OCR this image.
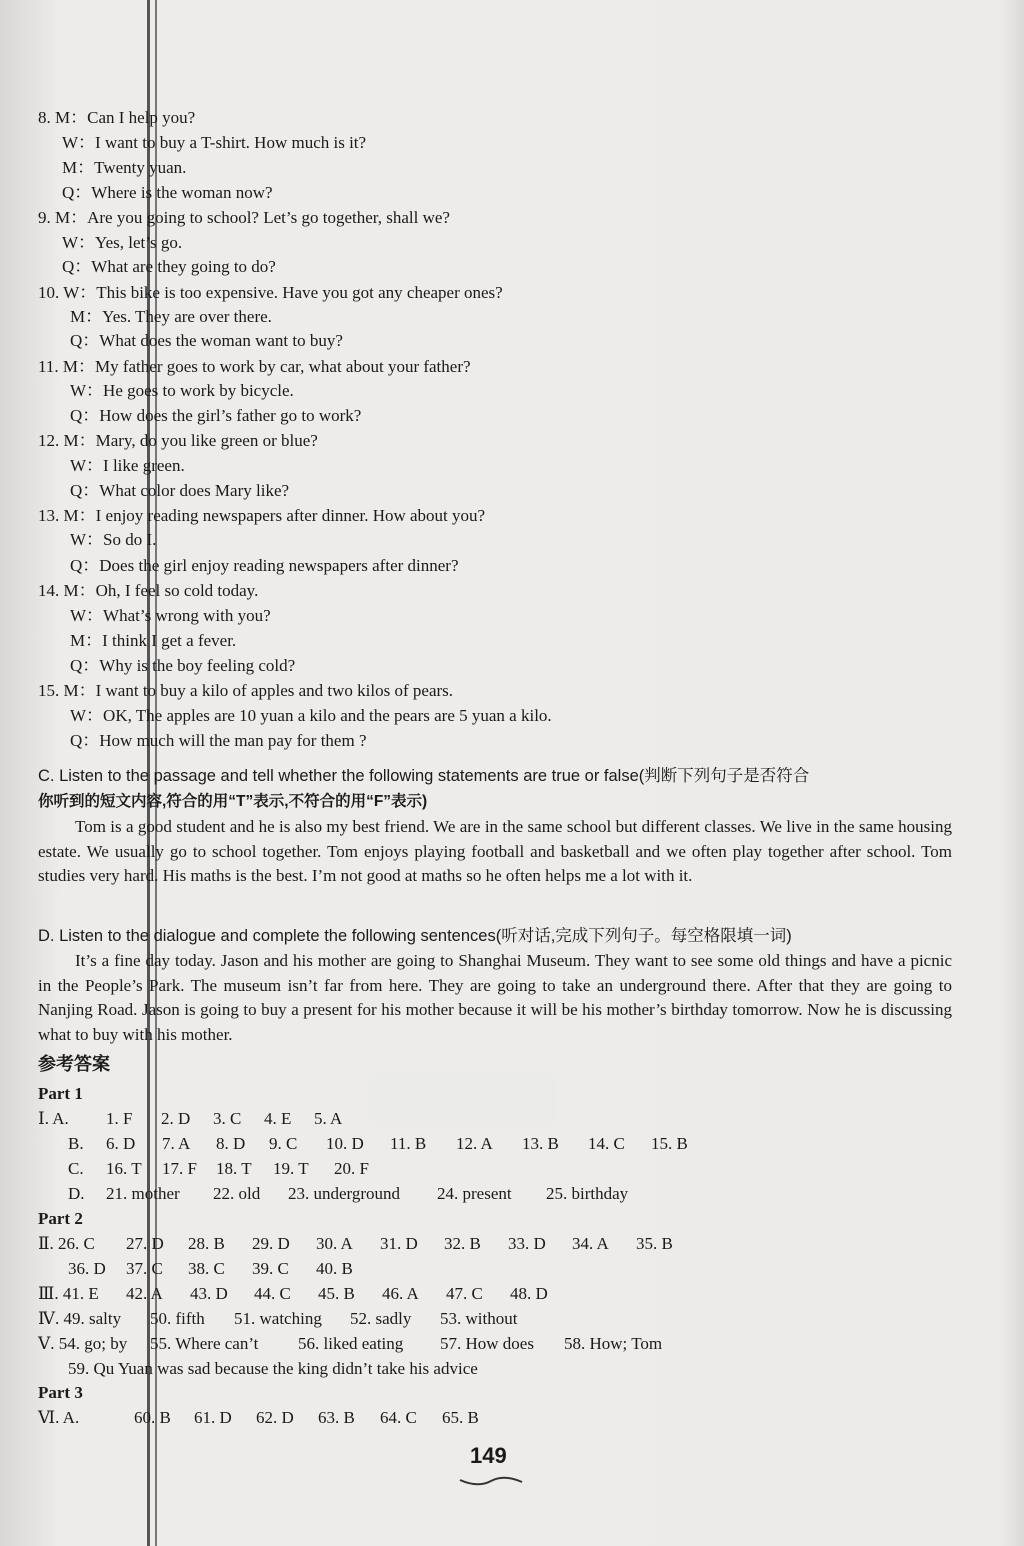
8. M：Can I help you?
W：I want to buy a T-shirt. How much is it?
M：Twenty yuan.
Q：Where is the woman now?
9. M：Are you going to school? Let’s go together, shall we?
W：Yes, let’s go.
Q：What are they going to do?
10. W：This bike is too expensive. Have you got any cheaper ones?
M：Yes. They are over there.
Q：What does the woman want to buy?
11. M：My father goes to work by car, what about your father?
W：He goes to work by bicycle.
Q：How does the girl’s father go to work?
12. M：Mary, do you like green or blue?
W：I like green.
Q：What color does Mary like?
13. M：I enjoy reading newspapers after dinner. How about you?
W：So do I.
Q：Does the girl enjoy reading newspapers after dinner?
14. M：Oh, I feel so cold today.
W：What’s wrong with you?
M：I think I get a fever.
Q：Why is the boy feeling cold?
15. M：I want to buy a kilo of apples and two kilos of pears.
W：OK, The apples are 10 yuan a kilo and the pears are 5 yuan a kilo.
Q：How much will the man pay for them ?
C. Listen to the passage and tell whether the following statements are true or false(判断下列句子是否符合
你听到的短文内容,符合的用“T”表示,不符合的用“F”表示)
Tom is a good student and he is also my best friend. We are in the same school but different classes. We live in the same housing estate. We usually go to school together. Tom enjoys playing football and basketball and we often play together after school. Tom studies very hard. His maths is the best. I’m not good at maths so he often helps me a lot with it.
D. Listen to the dialogue and complete the following sentences(听对话,完成下列句子。每空格限填一词)
It’s a fine day today. Jason and his mother are going to Shanghai Museum. They want to see some old things and have a picnic in the People’s Park. The museum isn’t far from here. They are going to take an underground there. After that they are going to Nanjing Road. Jason is going to buy a present for his mother because it will be his mother’s birthday tomorrow. Now he is discussing what to buy with his mother.
参考答案
Part 1
Ⅰ. A. 1. F 2. D 3. C 4. E 5. A
B. 6. D 7. A 8. D 9. C 10. D 11. B 12. A 13. B 14. C 15. B
C. 16. T 17. F 18. T 19. T 20. F
D. 21. mother 22. old 23. underground 24. present 25. birthday
Part 2
Ⅱ. 26. C 27. D 28. B 29. D 30. A 31. D 32. B 33. D 34. A 35. B
36. D 37. C 38. C 39. C 40. B
Ⅲ. 41. E 42. A 43. D 44. C 45. B 46. A 47. C 48. D
Ⅳ. 49. salty 50. fifth 51. watching 52. sadly 53. without
Ⅴ. 54. go; by 55. Where can’t 56. liked eating 57. How does 58. How; Tom
59. Qu Yuan was sad because the king didn’t take his advice
Part 3
Ⅵ. A.	60. B 61. D 62. D 63. B 64. C 65. B
149
